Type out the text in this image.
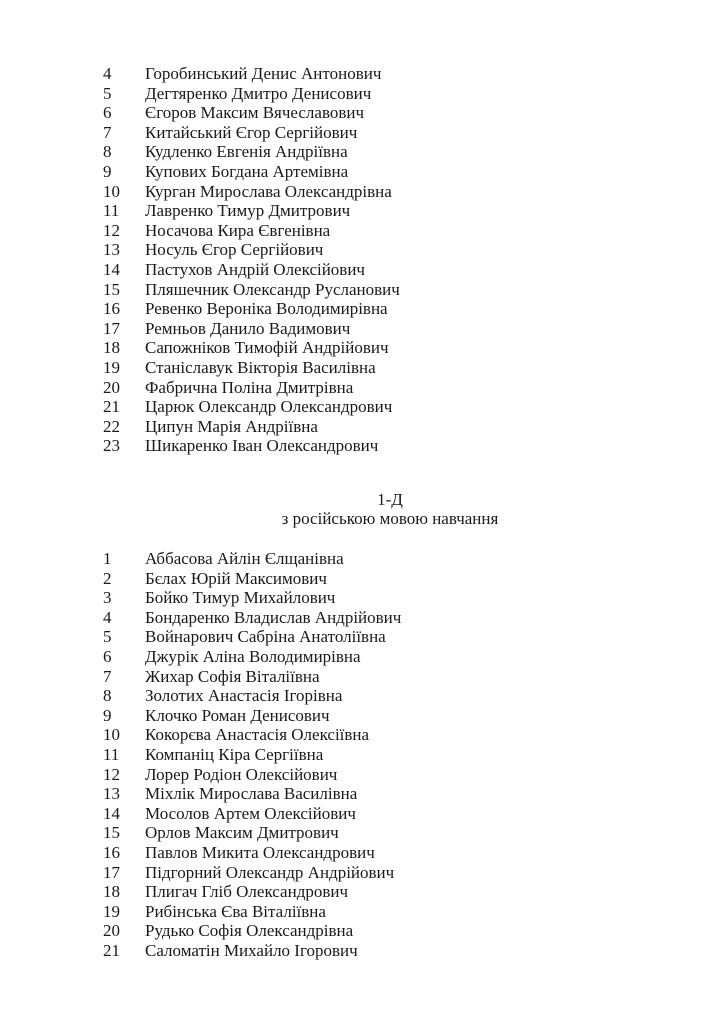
4	Горобинський Денис Антонович
5	Дегтяренко Дмитро Денисович
6	Єгоров Максим Вячеславович
7	Китайський Єгор Сергійович
8	Кудленко Евгенія Андріївна
9	Купових Богдана Артемівна
10	Курган Мирослава Олександрівна
11	Лавренко Тимур Дмитрович
12	Носачова Кира Євгенівна
13	Носуль Єгор Сергійович
14	Пастухов Андрій Олексійович
15	Пляшечник Олександр Русланович
16	Ревенко Вероніка Володимирівна
17	Ремньов Данило Вадимович
18	Сапожніков Тимофій Андрійович
19	Станіславук Вікторія Василівна
20	Фабрична Поліна Дмитрівна
21	Царюк Олександр Олександрович
22	Ципун Марія Андріївна
23	Шикаренко Іван Олександрович
1-Д
з російською мовою навчання
1	Аббасова Айлін Єлщанівна
2	Бєлах Юрій Максимович
3	Бойко Тимур Михайлович
4	Бондаренко Владислав Андрійович
5	Войнарович Сабріна Анатоліївна
6	Джурік Аліна Володимирівна
7	Жихар Софія Віталіївна
8	Золотих Анастасія Ігорівна
9	Клочко Роман Денисович
10	Кокорєва Анастасія Олексіївна
11	Компаніц Кіра Сергіївна
12	Лорер Родіон Олексійович
13	Міхлік Мирослава Василівна
14	Мосолов Артем Олексійович
15	Орлов Максим Дмитрович
16	Павлов Микита Олександрович
17	Підгорний Олександр Андрійович
18	Плигач Гліб Олександрович
19	Рибінська Єва Віталіївна
20	Рудько Софія Олександрівна
21	Саломатін Михайло Ігорович
